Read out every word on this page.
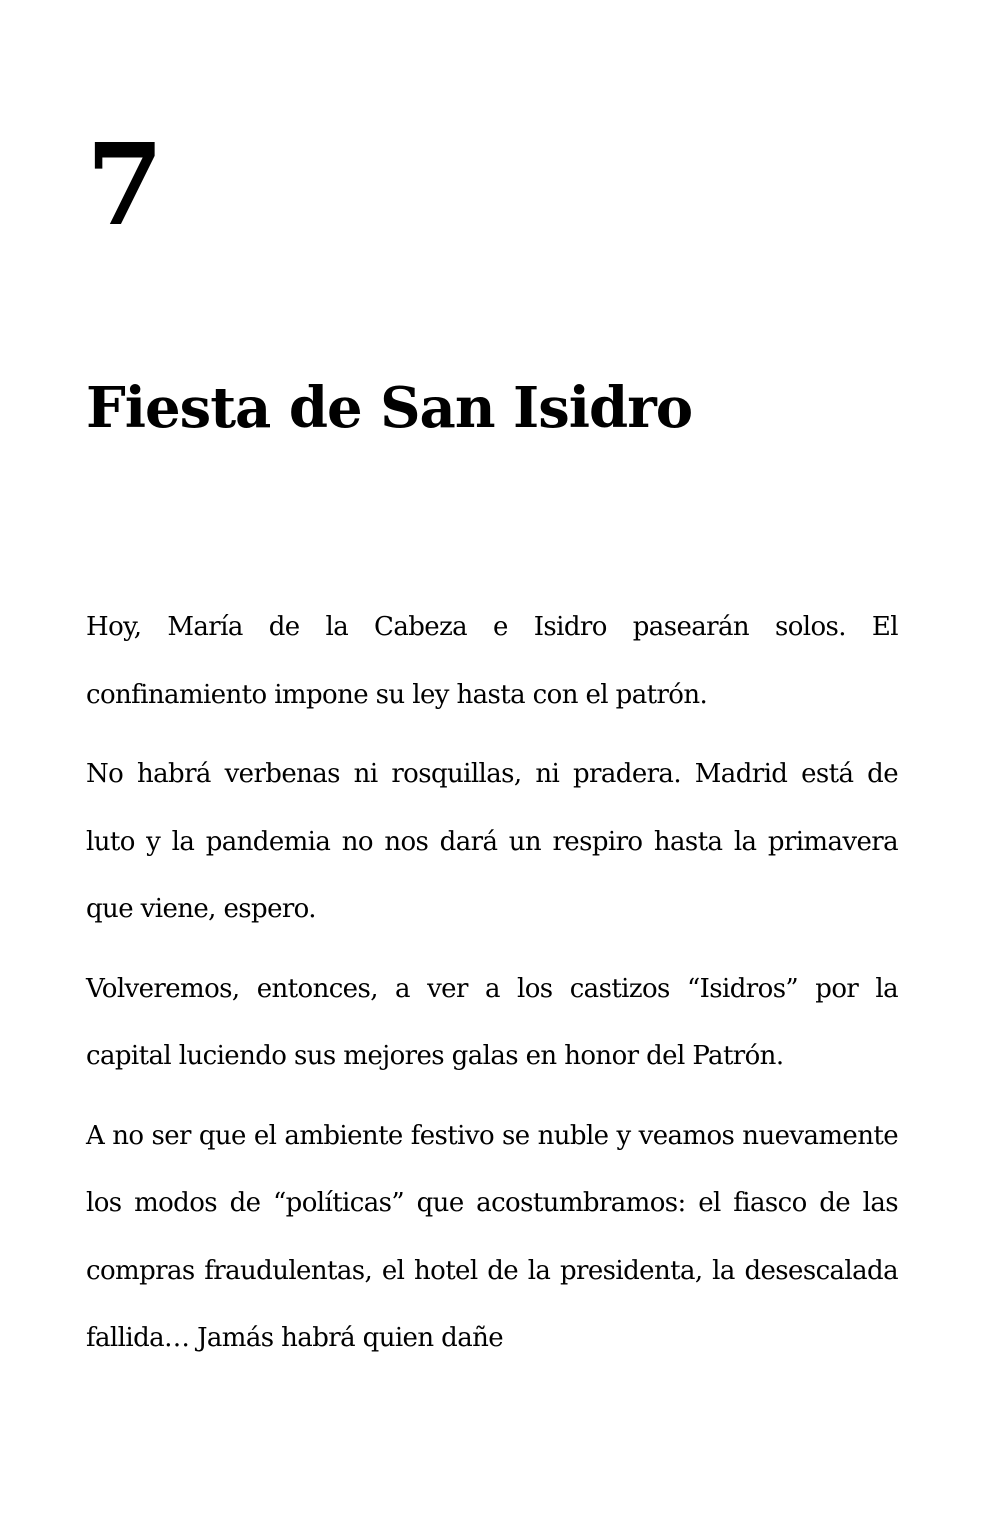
7
Fiesta de San Isidro

Hoy, María de la Cabeza e Isidro pasearán solos. El confinamiento impone su ley hasta con el patrón.

No habrá verbenas ni rosquillas, ni pradera. Madrid está de luto y la pandemia no nos dará un respiro hasta la primavera que viene, espero.

Volveremos, entonces, a ver a los castizos “Isidros” por la capital luciendo sus mejores galas en honor del Patrón.

A no ser que el ambiente festivo se nuble y veamos nuevamente los modos de “políticas” que acostumbramos: el fiasco de las compras fraudulentas, el hotel de la presidenta, la desescalada fallida… Jamás habrá quien dañe
